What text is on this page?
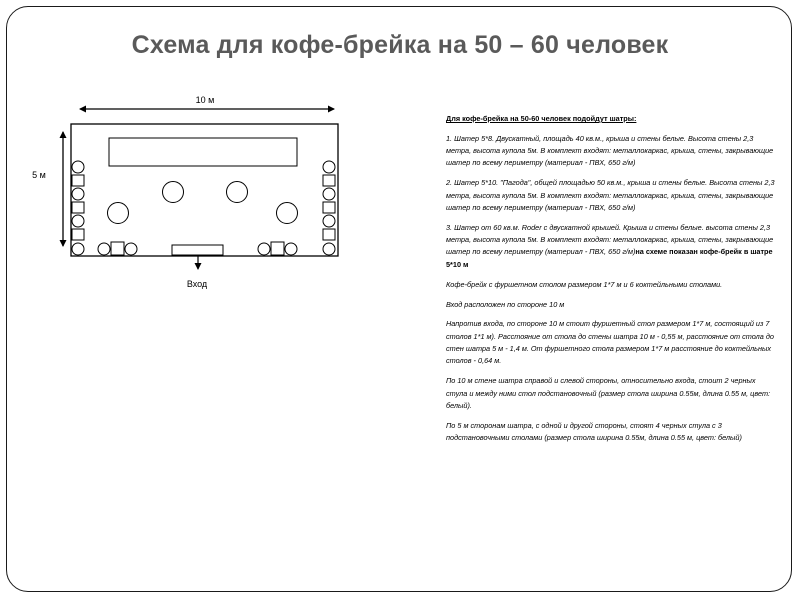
Схема для кофе-брейка на 50 – 60 человек
10 м
5 м
Вход

Для кофе-брейка на 50-60 человек подойдут шатры:

1. Шатер 5*8. Двускатный, площадь 40 кв.м., крыша и стены белые. Высота стены 2,3 метра, высота купола 5м. В комплект входят: металлокаркас, крыша, стены, закрывающие шатер по всему периметру (материал - ПВХ, 650 г/м)

2. Шатер 5*10. "Пагода", общей площадью 50 кв.м., крыша и стены белые. Высота стены 2,3 метра, высота купола 5м. В комплект входят: металлокаркас, крыша, стены, закрывающие шатер по всему периметру (материал - ПВХ, 650 г/м)

3. Шатер от 60 кв.м. Roder с двускатной крышей. Крыша и стены белые. высота стены 2,3 метра, высота купола 5м. В комплект входят: металлокаркас, крыша, стены, закрывающие шатер по всему периметру (материал - ПВХ, 650 г/м)на схеме показан кофе-брейк в шатре 5*10 м

Кофе-брейк с фуршетном столом размером 1*7 м и 6 коктейльными столами.

Вход расположен по стороне 10 м

Напротив входа, по стороне 10 м стоит фуршетный стол размером 1*7 м, состоящий из 7 столов 1*1 м). Расстояние от стола до стены шатра 10 м - 0,55 м, расстояние от стола до стен шатра 5 м - 1,4 м. От фуршетного стола размером 1*7 м расстояние до коктейльных столов - 0,64 м.

По 10 м стене шатра справой и слевой стороны, относительно входа, стоит 2 черных стула и между ними стол подстановочный (размер стола ширина 0.55м, длина 0.55 м, цвет: белый).

По 5 м сторонам шатра, с одной и другой стороны, стоят 4 черных стула с 3 подстановочными столами (размер стола ширина 0.55м, длина 0.55 м, цвет: белый)
